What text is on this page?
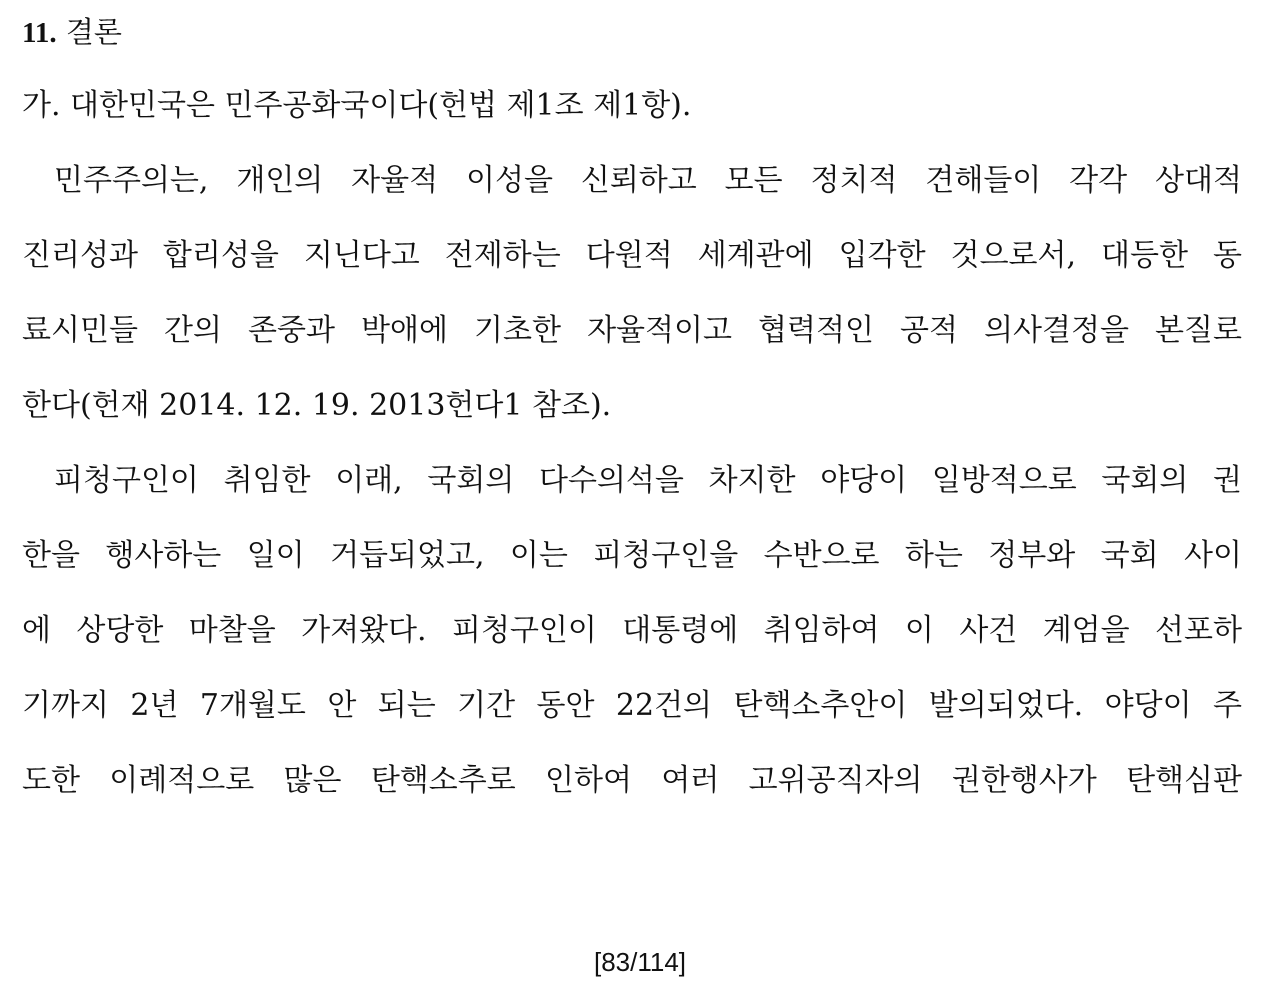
11. 결론
가. 대한민국은 민주공화국이다(헌법 제1조 제1항).
민주주의는, 개인의 자율적 이성을 신뢰하고 모든 정치적 견해들이 각각 상대적
진리성과 합리성을 지닌다고 전제하는 다원적 세계관에 입각한 것으로서, 대등한 동
료시민들 간의 존중과 박애에 기초한 자율적이고 협력적인 공적 의사결정을 본질로
한다(헌재 2014. 12. 19. 2013헌다1 참조).
피청구인이 취임한 이래, 국회의 다수의석을 차지한 야당이 일방적으로 국회의 권
한을 행사하는 일이 거듭되었고, 이는 피청구인을 수반으로 하는 정부와 국회 사이
에 상당한 마찰을 가져왔다. 피청구인이 대통령에 취임하여 이 사건 계엄을 선포하
기까지 2년 7개월도 안 되는 기간 동안 22건의 탄핵소추안이 발의되었다. 야당이 주
도한 이례적으로 많은 탄핵소추로 인하여 여러 고위공직자의 권한행사가 탄핵심판
[83/114]
